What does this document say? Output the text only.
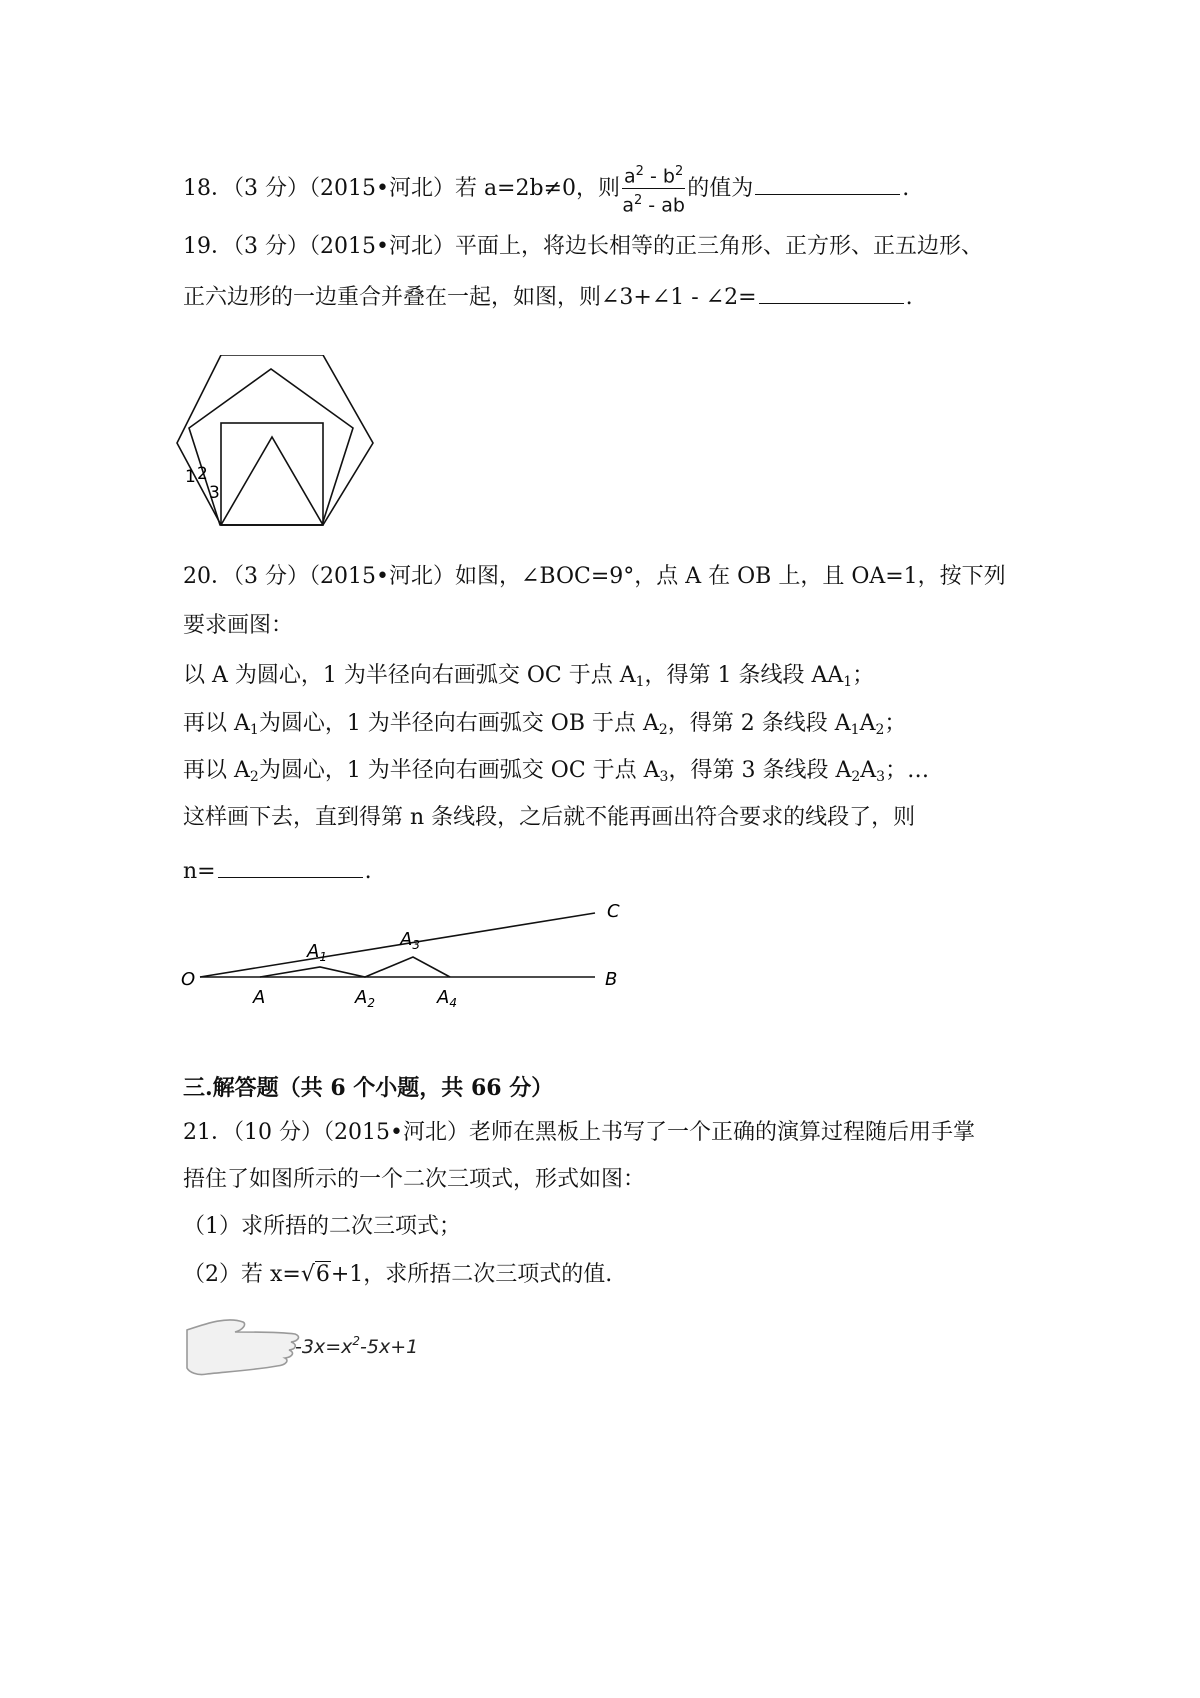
18．（3 分）（2015•河北）若 a=2b≠0，则 $\frac{a^2 - b^2}{a^2 - ab}$ 的值为	.
19．（3 分）（2015•河北）平面上，将边长相等的正三角形、正方形、正五边形、
正六边形的一边重合并叠在一起，如图，则∠3+∠1 - ∠2=	.
1 2
3
20．（3 分）（2015•河北）如图，∠BOC=9°，点 A 在 OB 上，且 OA=1，按下列
要求画图：
以 A 为圆心，1 为半径向右画弧交 OC 于点 $A_1$，得第 1 条线段 $AA_1$；
再以 $A_1$为圆心，1 为半径向右画弧交 OB 于点 $A_2$，得第 2 条线段 $A_1A_2$；
再以 $A_2$为圆心，1 为半径向右画弧交 OC 于点 $A_3$，得第 3 条线段 $A_2A_3$；…
这样画下去，直到得第 n 条线段，之后就不能再画出符合要求的线段了，则
n=	.
O
A
B
C
$A_1$
$A_2$
$A_3$
$A_4$
三.解答题（共 6 个小题，共 66 分）
21．（10 分）（2015•河北）老师在黑板上书写了一个正确的演算过程随后用手掌
捂住了如图所示的一个二次三项式，形式如图：
（1）求所捂的二次三项式；
（2）若 x=√6+1，求所捂二次三项式的值.
$-3x=x^2-5x+1$
